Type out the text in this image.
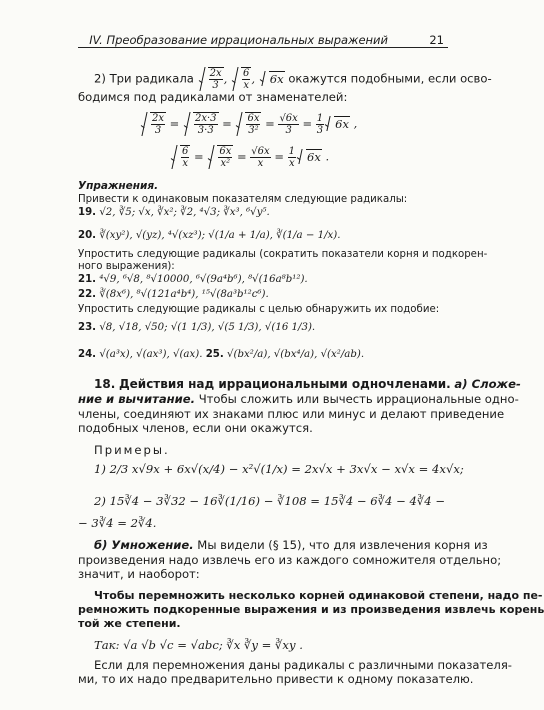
IV. Преобразование иррациональных выражений	21
2) Три радикала $\frac{2x}{3}$ , $\frac{6}{x}$ , 6x окажутся подобными, если осво-
бодимся под радикалами от знаменателей:
$\frac{2x}{3} = \frac{2x\cdot 3}{3\cdot 3} = \frac{6x}{\text{3²}} = \frac{√6x}{3} = \frac{1}{3} 6x$ ,
$\frac{6}{x} = \frac{6x}{\text{x²}} = \frac{√6x}{x} = \frac{1}{x} 6x$ .
Упражнения.
Привести к одинаковым показателям следующие радикалы:
19. √2, ∛5; √x, ∛x²; ∛2, ⁴√3; ∛x³, ⁶√y⁵.
20. ∛(xy²), √(yz), ⁴√(xz³); √(1/a + 1/a), ∛(1/a − 1/x).
Упростить следующие радикалы (сократить показатели корня и подкорен-
ного выражения):
21. ⁴√9, ⁶√8, ⁸√10000, ⁶√(9a⁴b⁶), ⁸√(16a⁸b¹²).
22. ∛(8x⁶), ⁸√(121a⁴b⁴), ¹⁵√(8a³b¹²c⁶).
Упростить следующие радикалы с целью обнаружить их подобие:
23. √8, √18, √50; √(1 1/3), √(5 1/3), √(16 1/3).
24. √(a³x), √(ax³), √(ax). 25. √(bx²/a), √(bx⁴/a), √(x²/ab).
18. Действия над иррациональными одночленами. а) Сложе-
ние и вычитание. Чтобы сложить или вычесть иррациональные одно-
члены, соединяют их знаками плюс или минус и делают приведение
подобных членов, если они окажутся.
Примеры.
1) 2/3 x√9x + 6x√(x/4) − x²√(1/x) = 2x√x + 3x√x − x√x = 4x√x;
2) 15∛4 − 3∛32 − 16∛(1/16) − ∛108 = 15∛4 − 6∛4 − 4∛4 −
− 3∛4 = 2∛4.
б) Умножение. Мы видели (§ 15), что для извлечения корня из
произведения надо извлечь его из каждого сомножителя отдельно;
значит, и наоборот:
Чтобы перемножить несколько корней одинаковой степени, надо пе-
ремножить подкоренные выражения и из произведения извлечь корень
той же степени.
Так: √a √b √c = √abc; ∛x ∛y = ∛xy .
Если для перемножения даны радикалы с различными показателя-
ми, то их надо предварительно привести к одному показателю.
